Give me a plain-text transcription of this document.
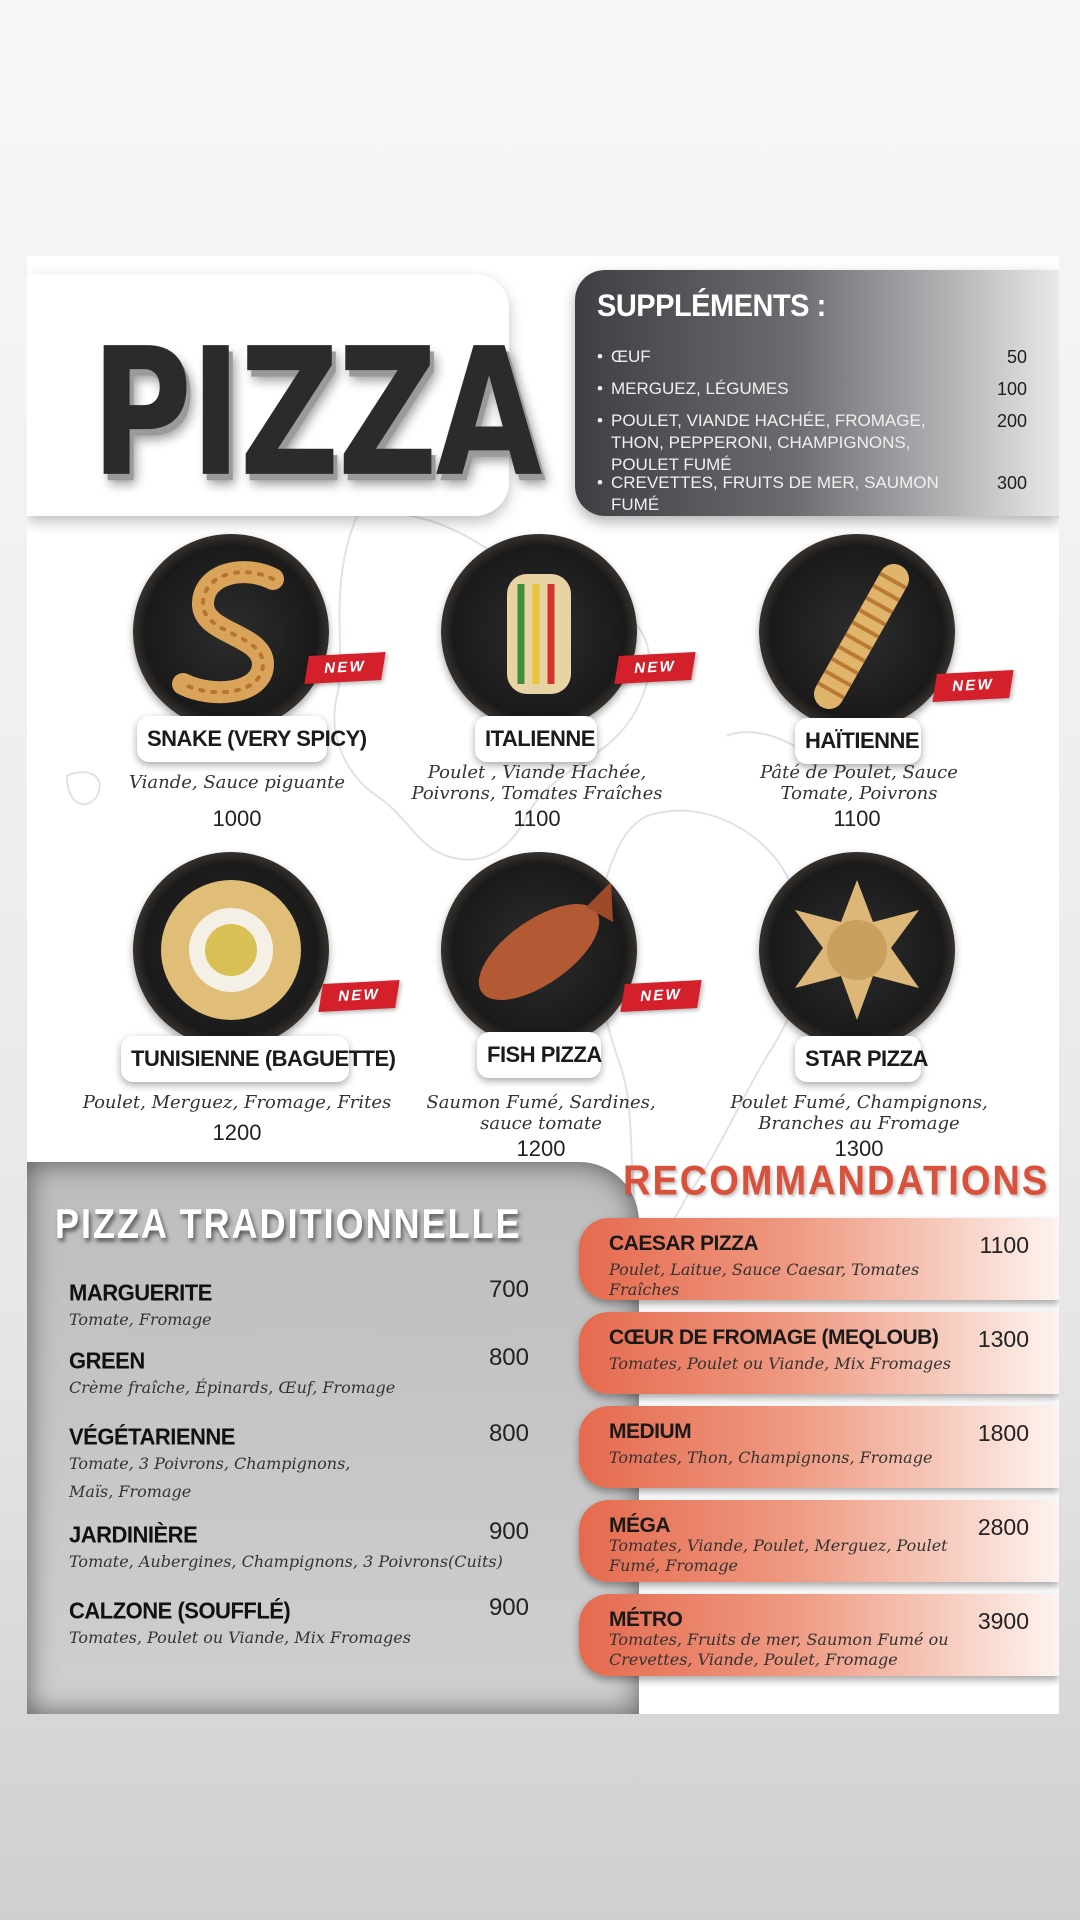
PIZZA
SUPPLÉMENTS :
• ŒUF	50
• MERGUEZ, LÉGUMES	100
• POULET, VIANDE HACHÉE, FROMAGE, THON, PEPPERONI, CHAMPIGNONS, POULET FUMÉ
200
• CREVETTES, FRUITS DE MER, SAUMON FUMÉ
300
NEW
SNAKE (VERY SPICY)
Viande, Sauce piguante
1000
NEW
ITALIENNE
Poulet , Viande Hachée, Poivrons, Tomates Fraîches
1100
NEW
HAÏTIENNE
Pâté de Poulet, Sauce Tomate, Poivrons
1100
NEW
TUNISIENNE (BAGUETTE)
Poulet, Merguez, Fromage, Frites
1200
NEW
FISH PIZZA
Saumon Fumé, Sardines, sauce tomate
1200
STAR PIZZA
Poulet Fumé, Champignons, Branches au Fromage
1300
PIZZA TRADITIONNELLE
MARGUERITE
Tomate, Fromage
700
GREEN
Crème fraîche, Épinards, Œuf, Fromage
800
VÉGÉTARIENNE
Tomate, 3 Poivrons, Champignons, Maïs, Fromage
800
JARDINIÈRE
Tomate, Aubergines, Champignons, 3 Poivrons(Cuits)
900
CALZONE (SOUFFLÉ)
Tomates, Poulet ou Viande, Mix Fromages
900
RECOMMANDATIONS
CAESAR PIZZA
Poulet, Laitue, Sauce Caesar, Tomates Fraîches
1100
CŒUR DE FROMAGE (MEQLOUB)
Tomates, Poulet ou Viande, Mix Fromages
1300
MEDIUM
Tomates, Thon, Champignons, Fromage
1800
MÉGA
Tomates, Viande, Poulet, Merguez, Poulet Fumé, Fromage
2800
MÉTRO
Tomates, Fruits de mer, Saumon Fumé ou Crevettes, Viande, Poulet, Fromage
3900
